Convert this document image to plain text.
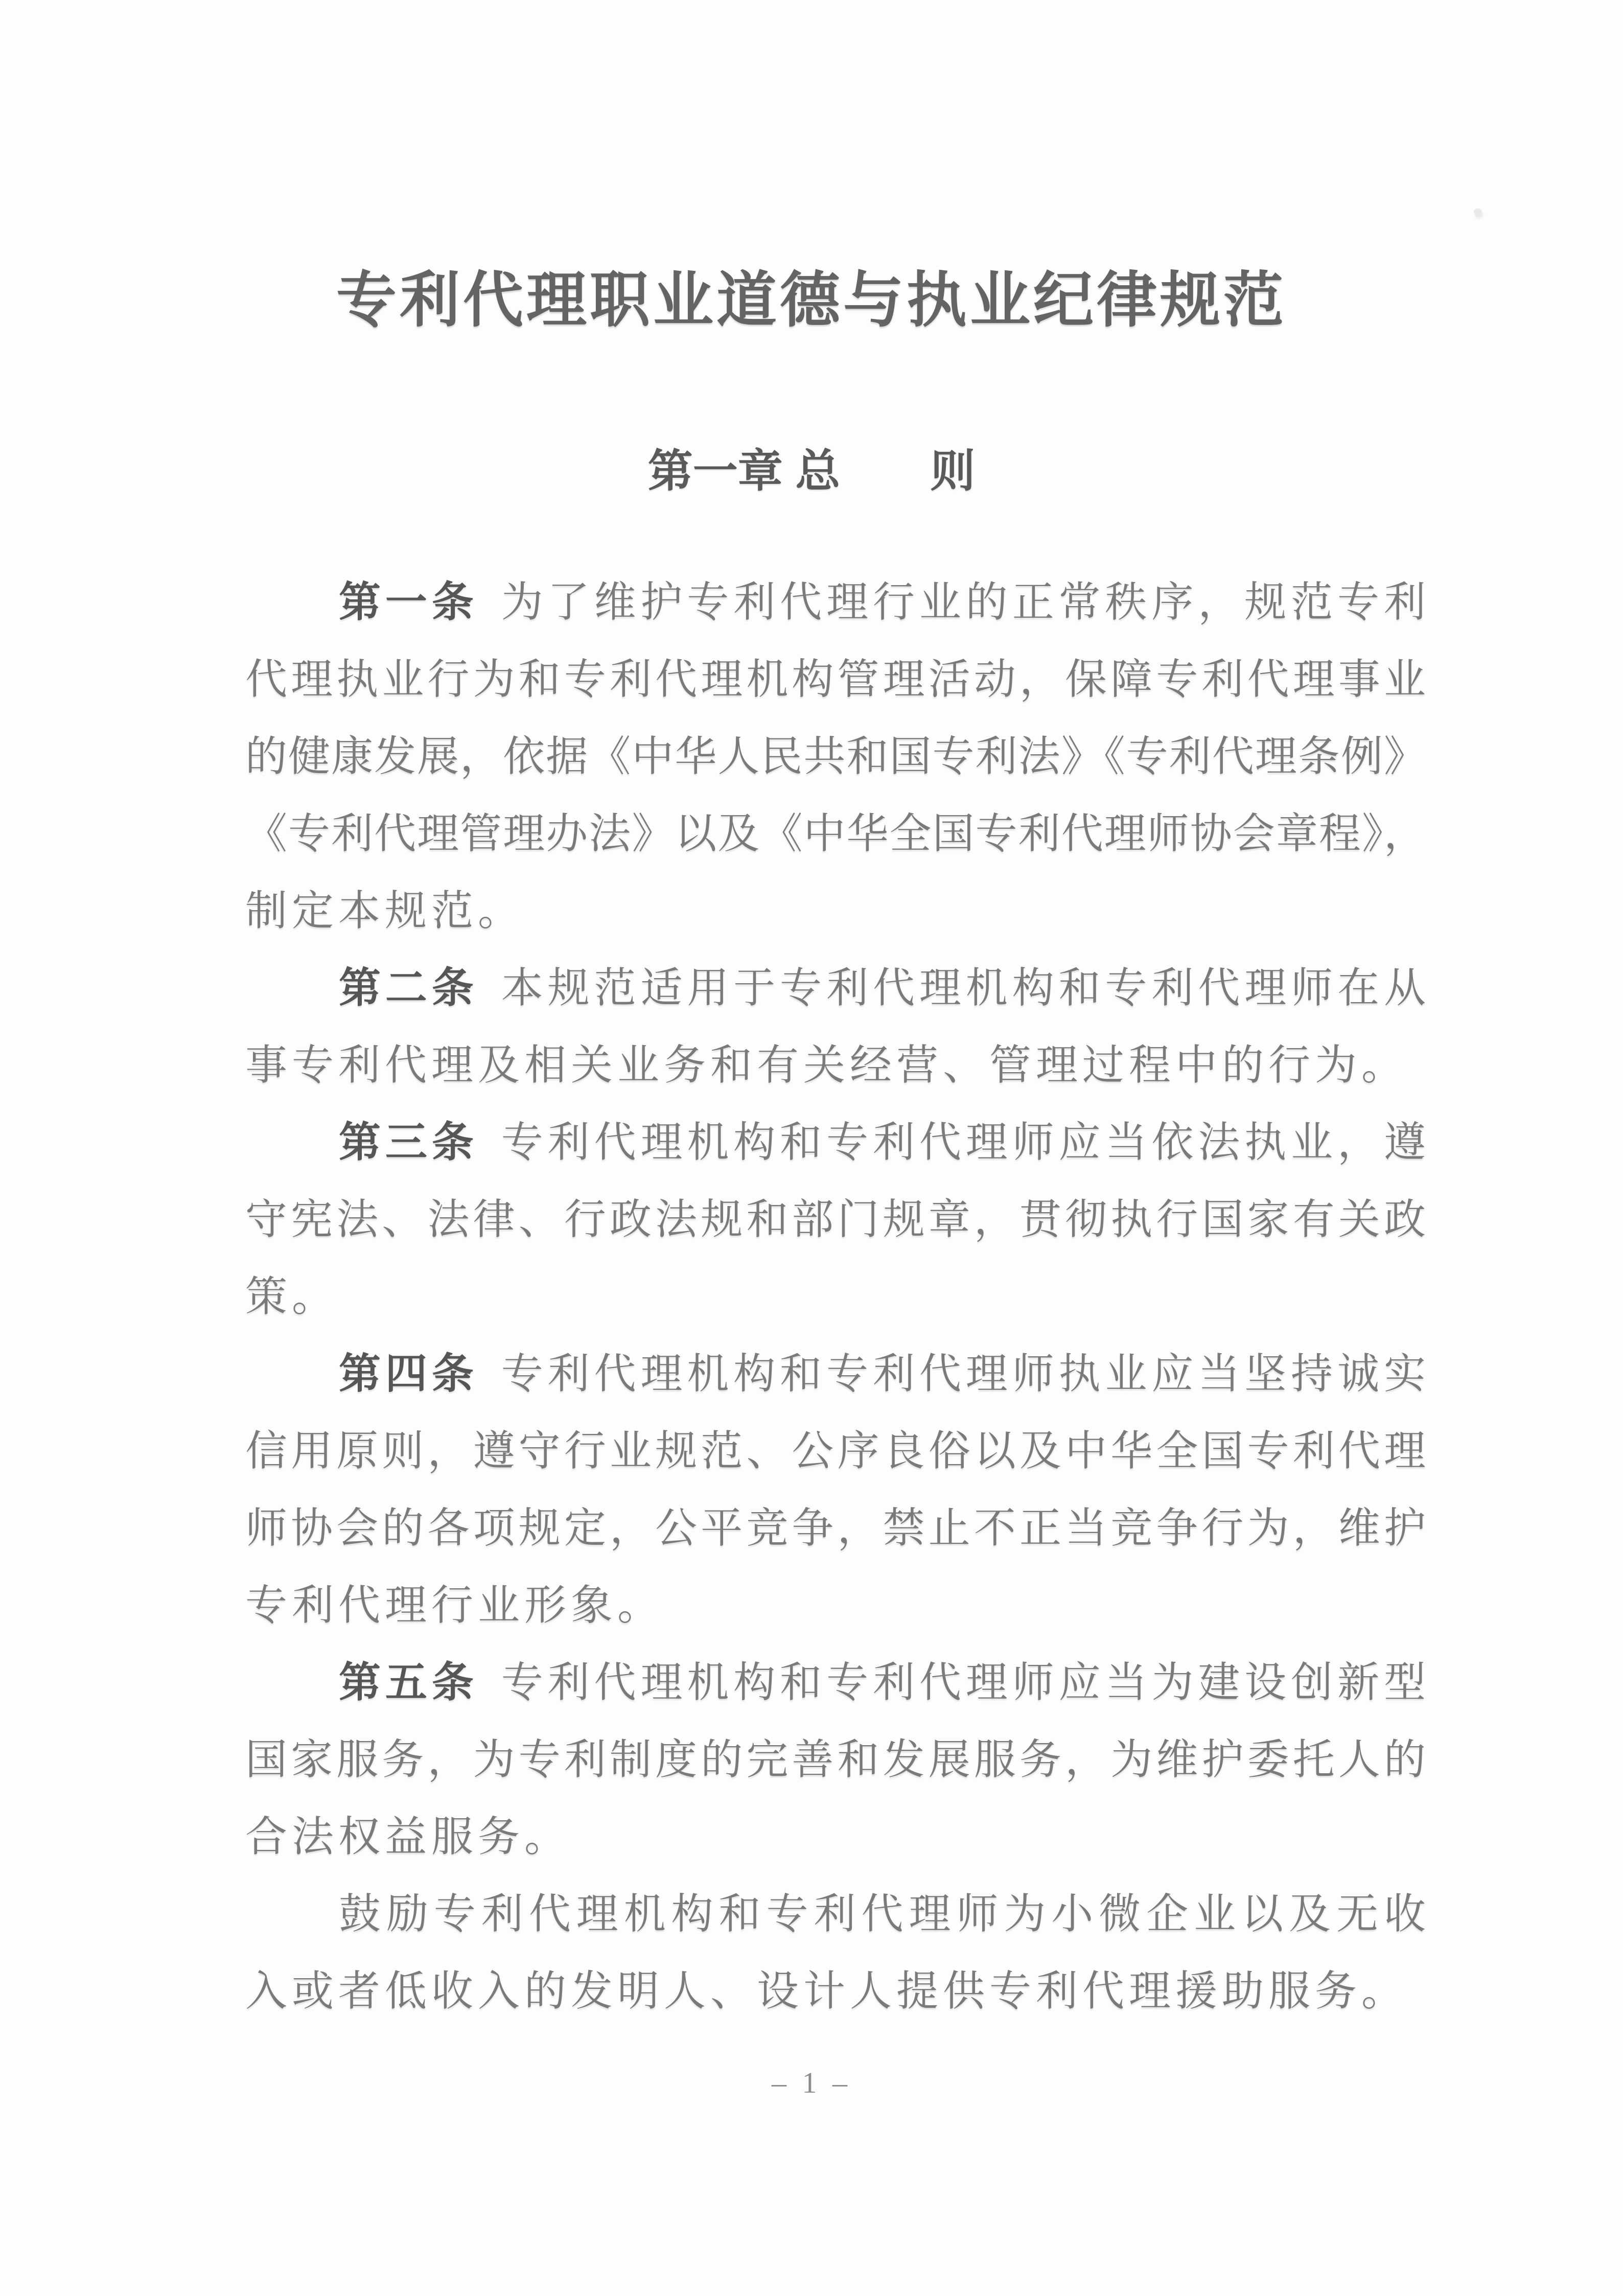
专利代理职业道德与执业纪律规范
第一章 总　　则
第一条 为了维护专利代理行业的正常秩序，规范专利
代理执业行为和专利代理机构管理活动，保障专利代理事业
的健康发展，依据《中华人民共和国专利法》《专利代理条例》
《专利代理管理办法》以及《中华全国专利代理师协会章程》，
制定本规范。
第二条 本规范适用于专利代理机构和专利代理师在从
事专利代理及相关业务和有关经营、管理过程中的行为。
第三条 专利代理机构和专利代理师应当依法执业，遵
守宪法、法律、行政法规和部门规章，贯彻执行国家有关政
策。
第四条 专利代理机构和专利代理师执业应当坚持诚实
信用原则，遵守行业规范、公序良俗以及中华全国专利代理
师协会的各项规定，公平竞争，禁止不正当竞争行为，维护
专利代理行业形象。
第五条 专利代理机构和专利代理师应当为建设创新型
国家服务，为专利制度的完善和发展服务，为维护委托人的
合法权益服务。
鼓励专利代理机构和专利代理师为小微企业以及无收
入或者低收入的发明人、设计人提供专利代理援助服务。
– 1 –
